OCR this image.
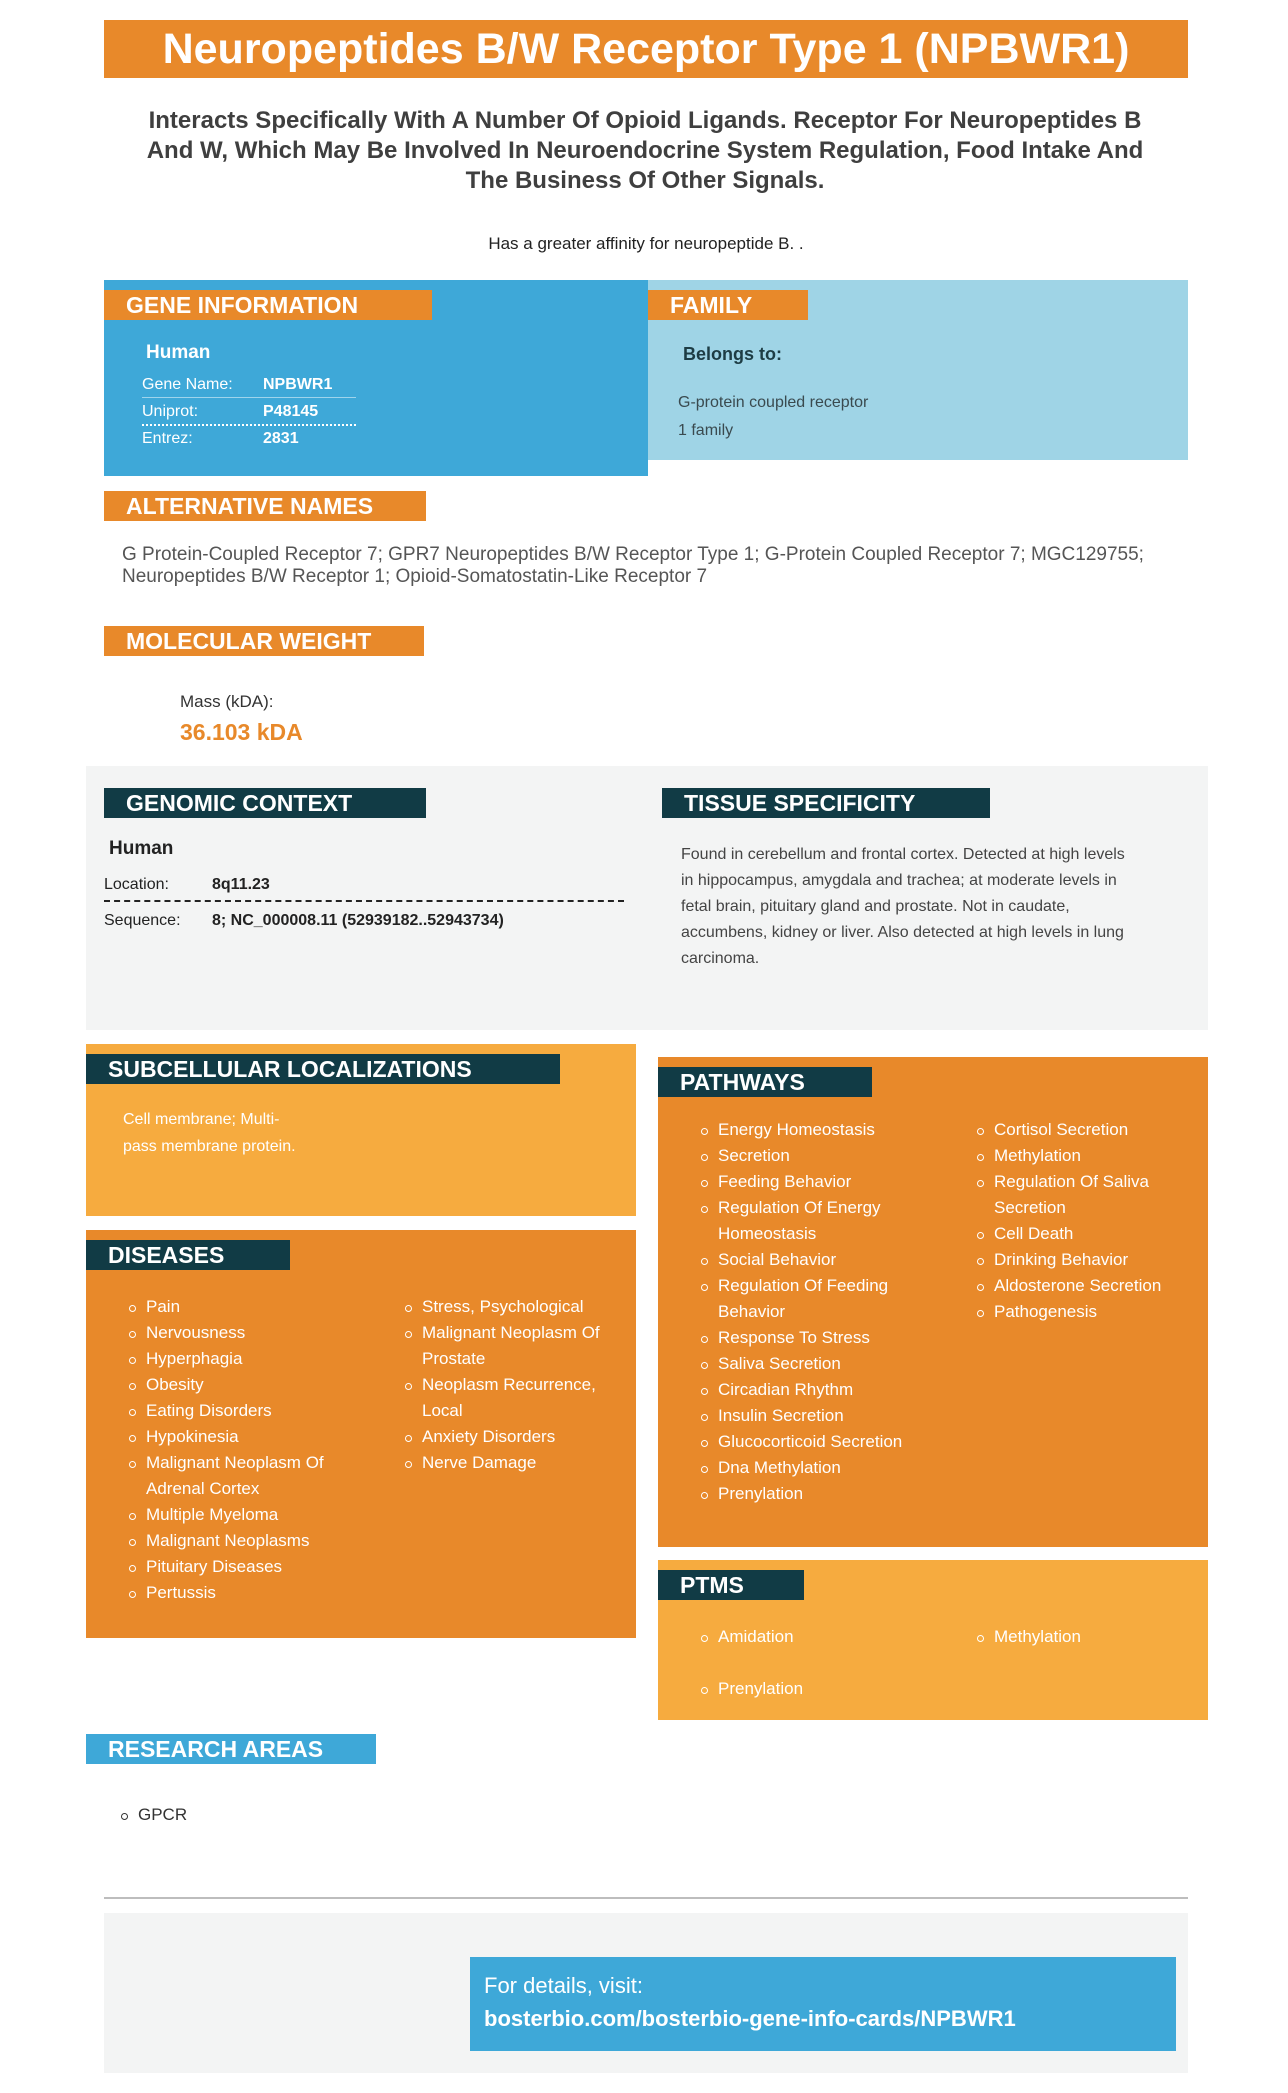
Neuropeptides B/W Receptor Type 1 (NPBWR1)
Interacts Specifically With A Number Of Opioid Ligands. Receptor For Neuropeptides B And W, Which May Be Involved In Neuroendocrine System Regulation, Food Intake And The Business Of Other Signals.
Has a greater affinity for neuropeptide B. .
GENE INFORMATION
Human
Gene Name: NPBWR1
Uniprot:	P48145
Entrez:	2831
FAMILY
Belongs to:
G-protein coupled receptor
1 family
ALTERNATIVE NAMES
G Protein-Coupled Receptor 7; GPR7 Neuropeptides B/W Receptor Type 1; G-Protein Coupled Receptor 7; MGC129755; Neuropeptides B/W Receptor 1; Opioid-Somatostatin-Like Receptor 7
MOLECULAR WEIGHT
Mass (kDA):
36.103 kDA
GENOMIC CONTEXT
Human
Location:	8q11.23
Sequence: 8; NC_000008.11 (52939182..52943734)
TISSUE SPECIFICITY
Found in cerebellum and frontal cortex. Detected at high levels
in hippocampus, amygdala and trachea; at moderate levels in
fetal brain, pituitary gland and prostate. Not in caudate,
accumbens, kidney or liver. Also detected at high levels in lung
carcinoma.
SUBCELLULAR LOCALIZATIONS
Cell membrane; Multi-
pass membrane protein.
DISEASES
Pain
Nervousness
Hyperphagia
Obesity
Eating Disorders
Hypokinesia
Malignant Neoplasm Of Adrenal Cortex
Multiple Myeloma
Malignant Neoplasms
Pituitary Diseases
Pertussis
Stress, Psychological
Malignant Neoplasm Of Prostate
Neoplasm Recurrence, Local
Anxiety Disorders
Nerve Damage
PATHWAYS
Energy Homeostasis
Secretion
Feeding Behavior
Regulation Of Energy Homeostasis
Social Behavior
Regulation Of Feeding Behavior
Response To Stress
Saliva Secretion
Circadian Rhythm
Insulin Secretion
Glucocorticoid Secretion
Dna Methylation
Prenylation
Cortisol Secretion
Methylation
Regulation Of Saliva Secretion
Cell Death
Drinking Behavior
Aldosterone Secretion
Pathogenesis
PTMS
Amidation
Prenylation
Methylation
RESEARCH AREAS
GPCR
For details, visit:
bosterbio.com/bosterbio-gene-info-cards/NPBWR1
